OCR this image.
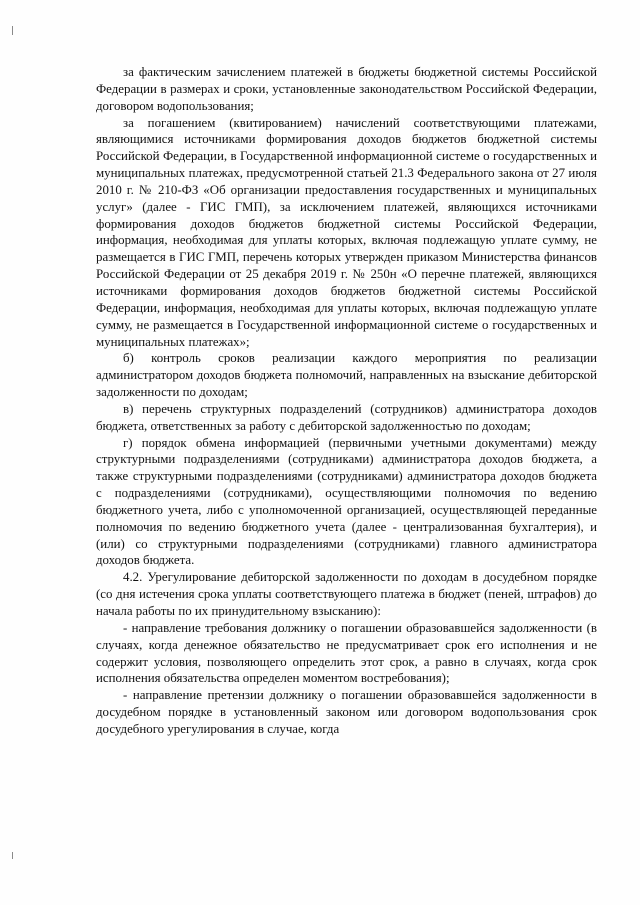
за фактическим зачислением платежей в бюджеты бюджетной системы Российской Федерации в размерах и сроки, установленные законодательством Российской Федерации, договором водопользования;

за погашением (квитированием) начислений соответствующими платежами, являющимися источниками формирования доходов бюджетов бюджетной системы Российской Федерации, в Государственной информационной системе о государственных и муниципальных платежах, предусмотренной статьей 21.3 Федерального закона от 27 июля 2010 г. № 210-ФЗ «Об организации предоставления государственных и муниципальных услуг» (далее - ГИС ГМП), за исключением платежей, являющихся источниками формирования доходов бюджетов бюджетной системы Российской Федерации, информация, необходимая для уплаты которых, включая подлежащую уплате сумму, не размещается в ГИС ГМП, перечень которых утвержден приказом Министерства финансов Российской Федерации от 25 декабря 2019 г. № 250н «О перечне платежей, являющихся источниками формирования доходов бюджетов бюджетной системы Российской Федерации, информация, необходимая для уплаты которых, включая подлежащую уплате сумму, не размещается в Государственной информационной системе о государственных и муниципальных платежах»;

б) контроль сроков реализации каждого мероприятия по реализации администратором доходов бюджета полномочий, направленных на взыскание дебиторской задолженности по доходам;

в) перечень структурных подразделений (сотрудников) администратора доходов бюджета, ответственных за работу с дебиторской задолженностью по доходам;

г) порядок обмена информацией (первичными учетными документами) между структурными подразделениями (сотрудниками) администратора доходов бюджета, а также структурными подразделениями (сотрудниками) администратора доходов бюджета с подразделениями (сотрудниками), осуществляющими полномочия по ведению бюджетного учета, либо с уполномоченной организацией, осуществляющей переданные полномочия по ведению бюджетного учета (далее - централизованная бухгалтерия), и (или) со структурными подразделениями (сотрудниками) главного администратора доходов бюджета.

4.2. Урегулирование дебиторской задолженности по доходам в досудебном порядке (со дня истечения срока уплаты соответствующего платежа в бюджет (пеней, штрафов) до начала работы по их принудительному взысканию):

- направление требования должнику о погашении образовавшейся задолженности (в случаях, когда денежное обязательство не предусматривает срок его исполнения и не содержит условия, позволяющего определить этот срок, а равно в случаях, когда срок исполнения обязательства определен моментом востребования);

- направление претензии должнику о погашении образовавшейся задолженности в досудебном порядке в установленный законом или договором водопользования срок досудебного урегулирования в случае, когда
